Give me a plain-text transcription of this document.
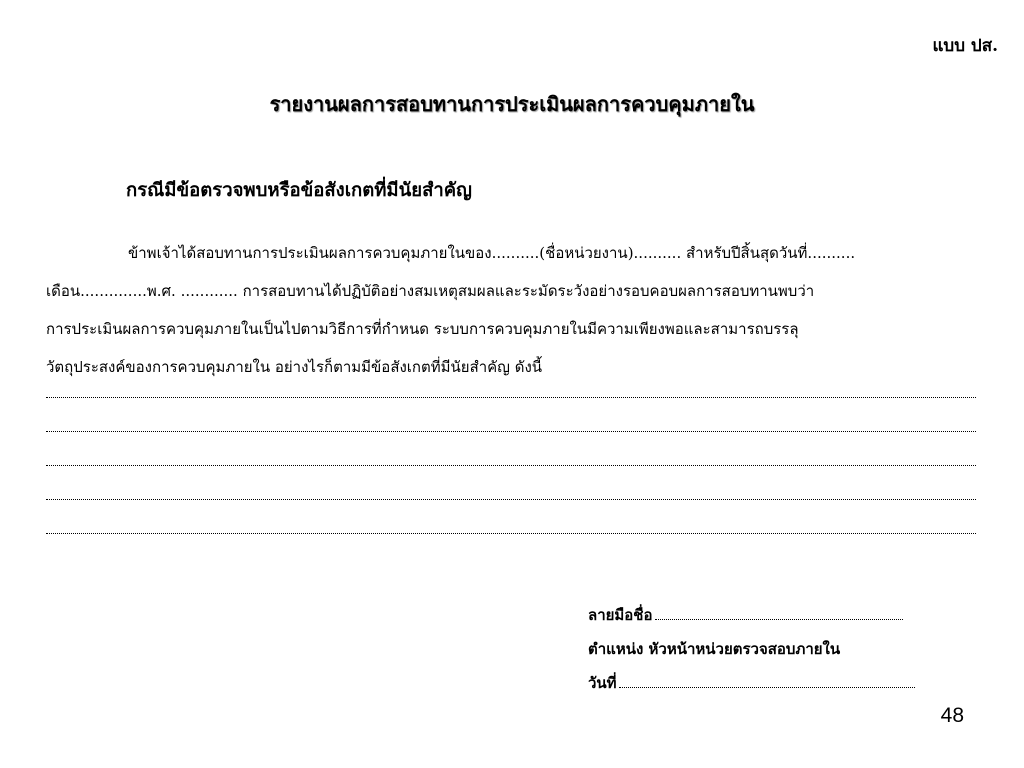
แบบ ปส.
รายงานผลการสอบทานการประเมินผลการควบคุมภายใน
กรณีมีข้อตรวจพบหรือข้อสังเกตที่มีนัยสำคัญ
ข้าพเจ้าได้สอบทานการประเมินผลการควบคุมภายในของ..........(ชื่อหน่วยงาน).......... สำหรับปีสิ้นสุดวันที่..........
เดือน..............พ.ศ. ............ การสอบทานได้ปฏิบัติอย่างสมเหตุสมผลและระมัดระวังอย่างรอบคอบผลการสอบทานพบว่า
การประเมินผลการควบคุมภายในเป็นไปตามวิธีการที่กำหนด ระบบการควบคุมภายในมีความเพียงพอและสามารถบรรลุ
วัตถุประสงค์ของการควบคุมภายใน อย่างไรก็ตามมีข้อสังเกตที่มีนัยสำคัญ ดังนี้
ลายมือชื่อ
ตำแหน่ง หัวหน้าหน่วยตรวจสอบภายใน
วันที่
48
